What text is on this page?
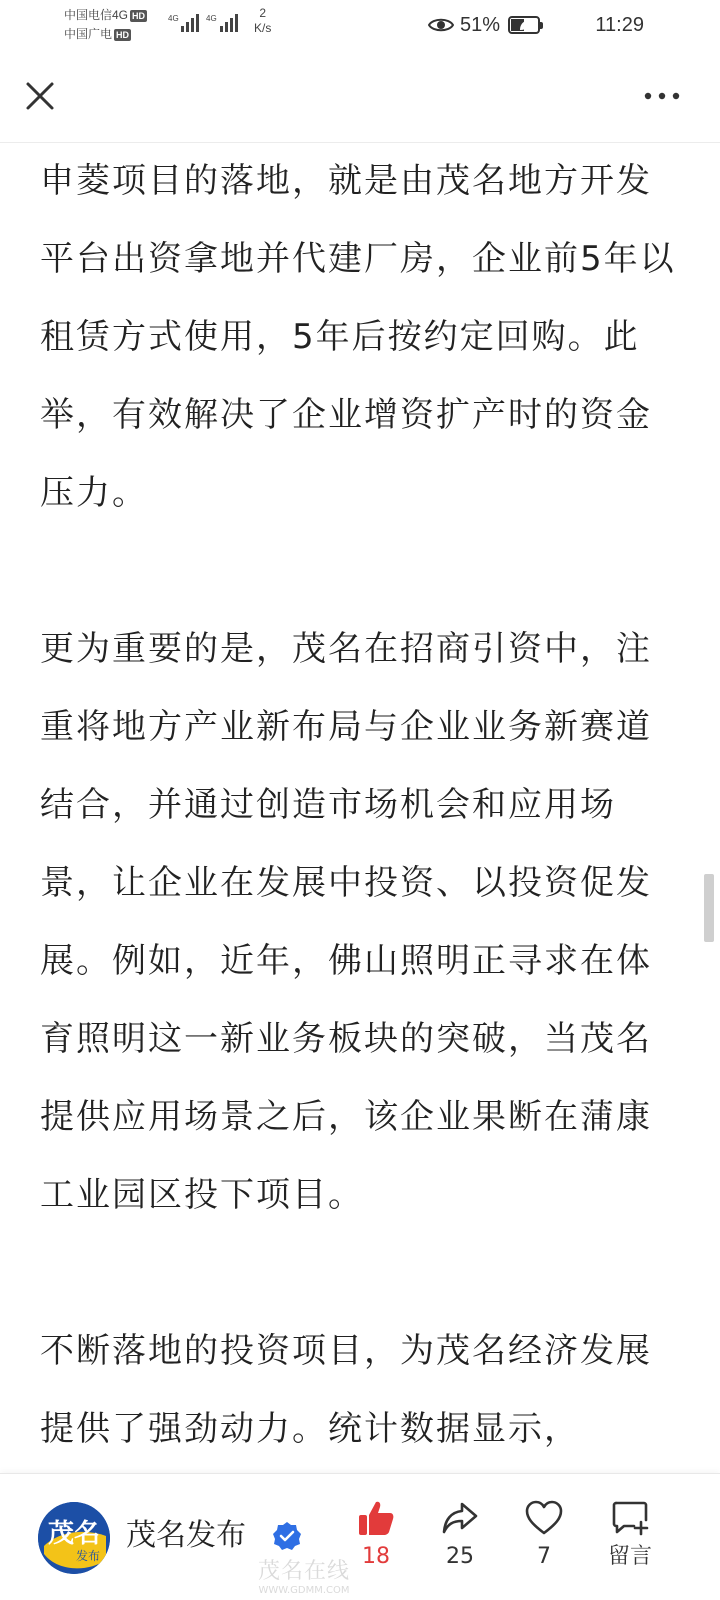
中国电信4G HD
中国广电 HD
4G	4G	2
K/s	51%	11:29

申菱项目的落地，就是由茂名地方开发平台出资拿地并代建厂房，企业前5年以租赁方式使用，5年后按约定回购。此举，有效解决了企业增资扩产时的资金压力。

更为重要的是，茂名在招商引资中，注重将地方产业新布局与企业业务新赛道结合，并通过创造市场机会和应用场景，让企业在发展中投资、以投资促发展。例如，近年，佛山照明正寻求在体育照明这一新业务板块的突破，当茂名提供应用场景之后，该企业果断在蒲康工业园区投下项目。

不断落地的投资项目，为茂名经济发展提供了强劲动力。统计数据显示，

茂名
发布
茂名发布
18	25	7	留言
茂名在线
WWW.GDMM.COM
